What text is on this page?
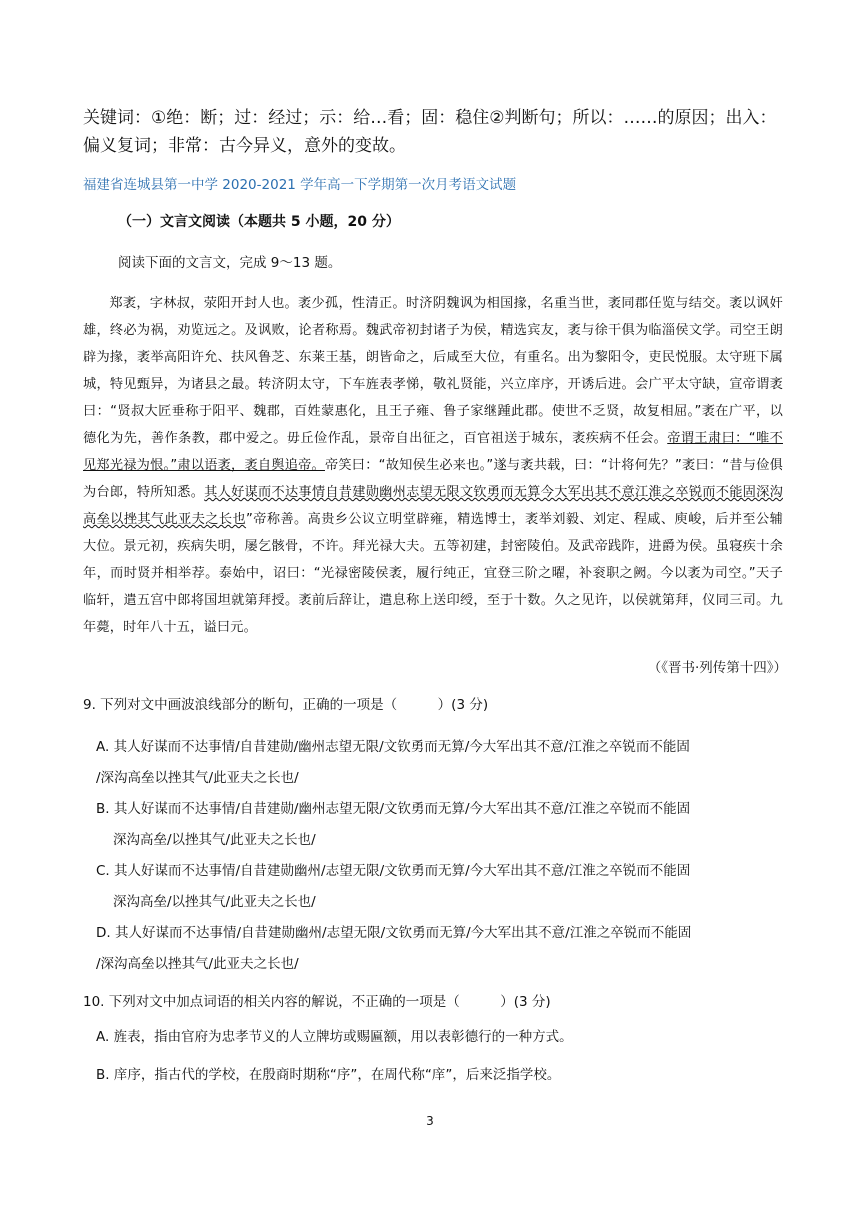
关键词：①绝：断；过：经过；示：给…看；固：稳住②判断句；所以：……的原因；出入：偏义复词；非常：古今异义，意外的变故。
福建省连城县第一中学 2020-2021 学年高一下学期第一次月考语文试题
（一）文言文阅读（本题共 5 小题，20 分）
阅读下面的文言文，完成 9～13 题。

郑袤，字林叔，荥阳开封人也。袤少孤，性清正。时济阴魏讽为相国掾，名重当世，袤同郡任览与结交。袤以讽奸雄，终必为祸，劝览远之。及讽败，论者称焉。魏武帝初封诸子为侯，精选宾友，袤与徐干俱为临淄侯文学。司空王朗辟为掾，袤举高阳许允、扶风鲁芝、东莱王基，朗皆命之，后咸至大位，有重名。出为黎阳令，吏民悦服。太守班下属城，特见甄异，为诸县之最。转济阴太守，下车旌表孝悌，敬礼贤能，兴立庠序，开诱后进。会广平太守缺，宣帝谓袤曰：“贤叔大匠垂称于阳平、魏郡，百姓蒙惠化，且王子雍、鲁子家继踵此郡。使世不乏贤，故复相屈。”袤在广平，以德化为先，善作条教，郡中爱之。毋丘俭作乱，景帝自出征之，百官祖送于城东，袤疾病不任会。帝谓王肃曰：“唯不见郑光禄为恨。”肃以语袤，袤自舆追帝。帝笑曰：“故知侯生必来也。”遂与袤共载，曰：“计将何先？”袤曰：“昔与俭俱为台郎，特所知悉。其人好谋而不达事情自昔建勋幽州志望无限文钦勇而无算今大军出其不意江淮之卒锐而不能固深沟高垒以挫其气此亚夫之长也”帝称善。高贵乡公议立明堂辟雍，精选博士，袤举刘毅、刘定、程咸、庾峻，后并至公辅大位。景元初，疾病失明，屡乞骸骨，不许。拜光禄大夫。五等初建，封密陵伯。及武帝践阼，进爵为侯。虽寝疾十余年，而时贤并相举荐。泰始中，诏曰：“光禄密陵侯袤，履行纯正，宜登三阶之曜，补衮职之阙。今以袤为司空。”天子临轩，遣五宫中郎将国坦就第拜授。袤前后辞让，遣息称上送印绶，至于十数。久之见许，以侯就第拜，仪同三司。九年薨，时年八十五，谥曰元。

（《晋书·列传第十四》）
9. 下列对文中画波浪线部分的断句，正确的一项是（　　　）(3 分)
A. 其人好谋而不达事情/自昔建勋/幽州志望无限/文钦勇而无算/今大军出其不意/江淮之卒锐而不能固
/深沟高垒以挫其气/此亚夫之长也/
B. 其人好谋而不达事情/自昔建勋/幽州志望无限/文钦勇而无算/今大军出其不意/江淮之卒锐而不能固
深沟高垒/以挫其气/此亚夫之长也/
C. 其人好谋而不达事情/自昔建勋幽州/志望无限/文钦勇而无算/今大军出其不意/江淮之卒锐而不能固
深沟高垒/以挫其气/此亚夫之长也/
D. 其人好谋而不达事情/自昔建勋幽州/志望无限/文钦勇而无算/今大军出其不意/江淮之卒锐而不能固
/深沟高垒以挫其气/此亚夫之长也/
10. 下列对文中加点词语的相关内容的解说，不正确的一项是（　　　）(3 分)
A. 旌表，指由官府为忠孝节义的人立牌坊或赐匾额，用以表彰德行的一种方式。
B. 庠序，指古代的学校，在殷商时期称“序”，在周代称“庠”，后来泛指学校。
3
